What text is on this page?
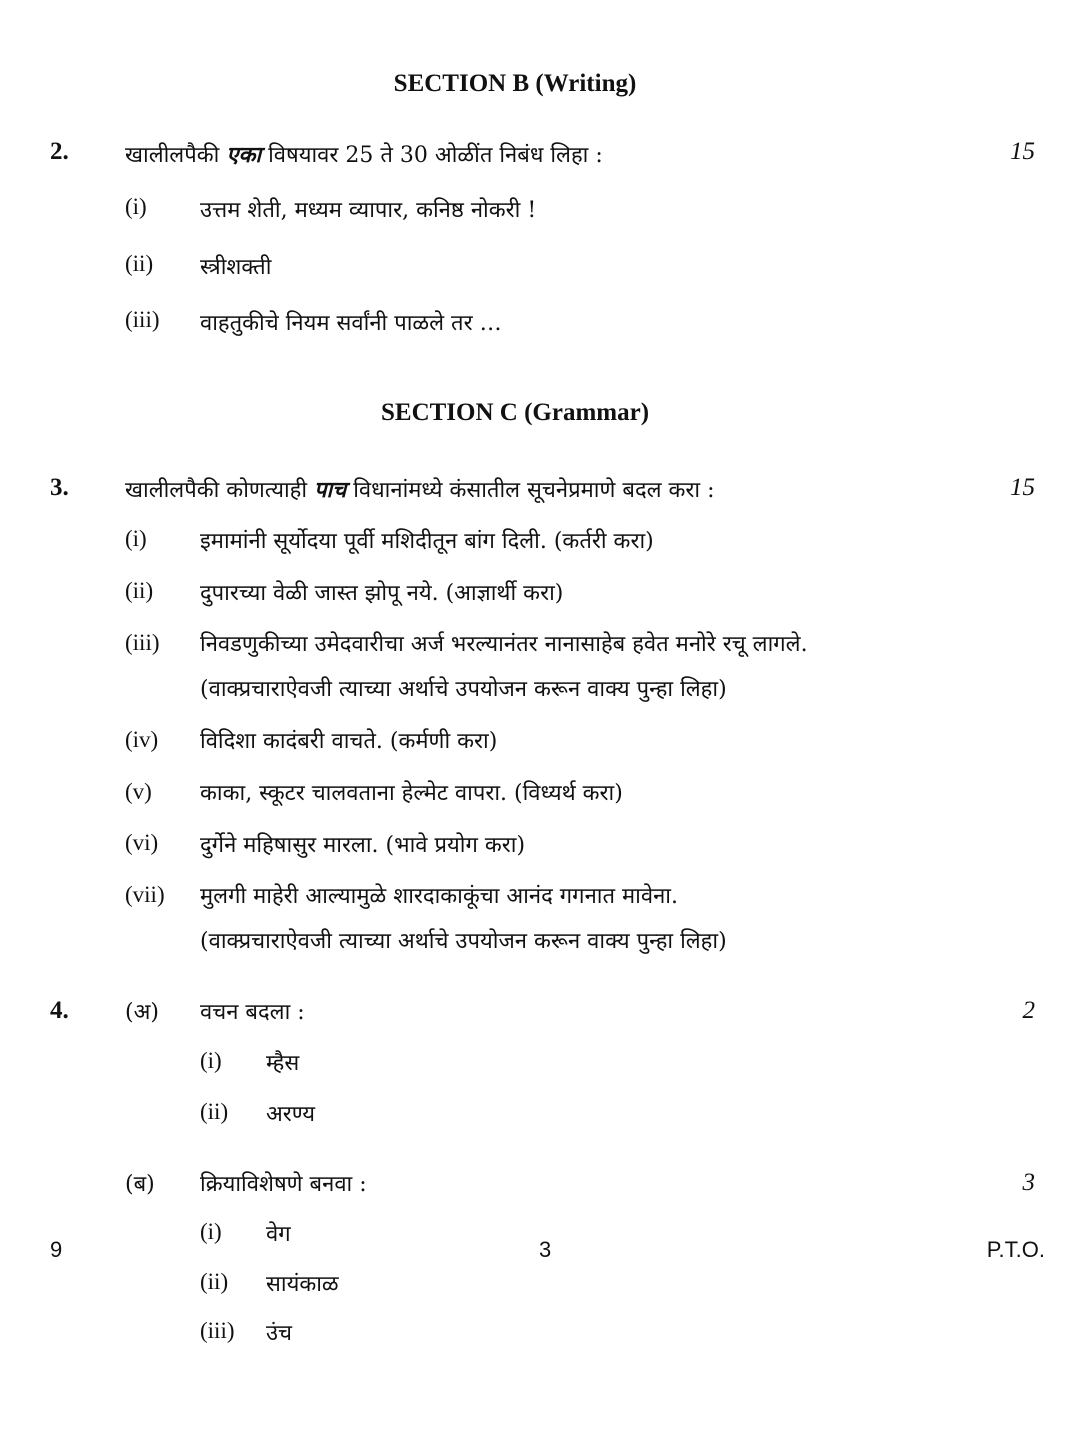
SECTION B (Writing)
2.	खालीलपैकी एका विषयावर 25 ते 30 ओळींत निबंध लिहा :	15
(i) उत्तम शेती, मध्यम व्यापार, कनिष्ठ नोकरी !
(ii) स्त्रीशक्ती
(iii) वाहतुकीचे नियम सर्वांनी पाळले तर …
SECTION C (Grammar)
3.	खालीलपैकी कोणत्याही पाच विधानांमध्ये कंसातील सूचनेप्रमाणे बदल करा :	15
(i) इमामांनी सूर्योदया पूर्वी मशिदीतून बांग दिली. (कर्तरी करा)
(ii) दुपारच्या वेळी जास्त झोपू नये. (आज्ञार्थी करा)
(iii) निवडणुकीच्या उमेदवारीचा अर्ज भरल्यानंतर नानासाहेब हवेत मनोरे रचू लागले.
(वाक्प्रचाराऐवजी त्याच्या अर्थाचे उपयोजन करून वाक्य पुन्हा लिहा)
(iv) विदिशा कादंबरी वाचते. (कर्मणी करा)
(v) काका, स्कूटर चालवताना हेल्मेट वापरा. (विध्यर्थ करा)
(vi) दुर्गेने महिषासुर मारला. (भावे प्रयोग करा)
(vii) मुलगी माहेरी आल्यामुळे शारदाकाकूंचा आनंद गगनात मावेना.
(वाक्प्रचाराऐवजी त्याच्या अर्थाचे उपयोजन करून वाक्य पुन्हा लिहा)
4.	(अ) वचन बदला :	2
(i) म्हैस
(ii) अरण्य
(ब) क्रियाविशेषणे बनवा :	3
(i) वेग
(ii) सायंकाळ
(iii) उंच
9	3	P.T.O.
